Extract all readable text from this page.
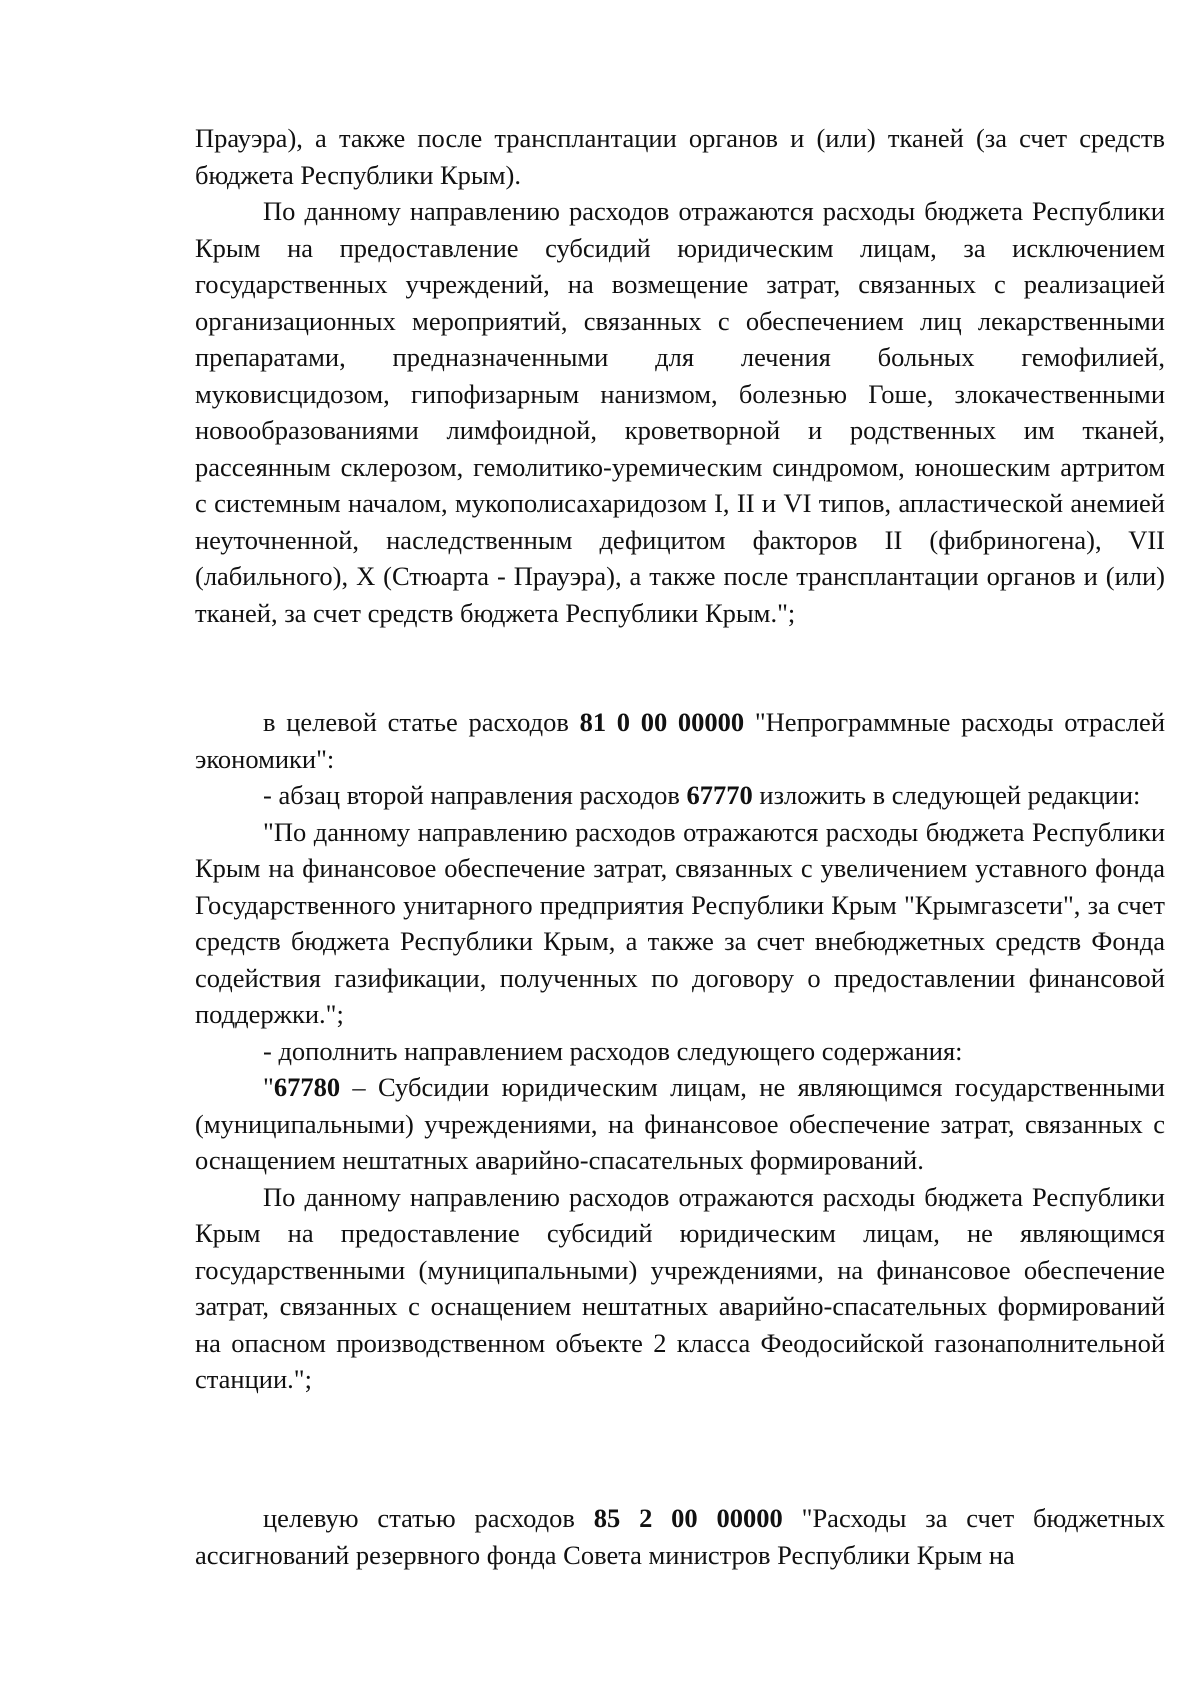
Прауэра), а также после трансплантации органов и (или) тканей (за счет средств бюджета Республики Крым).

По данному направлению расходов отражаются расходы бюджета Республики Крым на предоставление субсидий юридическим лицам, за исключением государственных учреждений, на возмещение затрат, связанных с реализацией организационных мероприятий, связанных с обеспечением лиц лекарственными препаратами, предназначенными для лечения больных гемофилией, муковисцидозом, гипофизарным нанизмом, болезнью Гоше, злокачественными новообразованиями лимфоидной, кроветворной и родственных им тканей, рассеянным склерозом, гемолитико-уремическим синдромом, юношеским артритом с системным началом, мукополисахаридозом I, II и VI типов, апластической анемией неуточненной, наследственным дефицитом факторов II (фибриногена), VII (лабильного), X (Стюарта - Прауэра), а также после трансплантации органов и (или) тканей, за счет средств бюджета Республики Крым.";

в целевой статье расходов 81 0 00 00000 "Непрограммные расходы отраслей экономики":

- абзац второй направления расходов 67770 изложить в следующей редакции:

"По данному направлению расходов отражаются расходы бюджета Республики Крым на финансовое обеспечение затрат, связанных с увеличением уставного фонда Государственного унитарного предприятия Республики Крым "Крымгазсети", за счет средств бюджета Республики Крым, а также за счет внебюджетных средств Фонда содействия газификации, полученных по договору о предоставлении финансовой поддержки.";

- дополнить направлением расходов следующего содержания:

"67780 – Субсидии юридическим лицам, не являющимся государственными (муниципальными) учреждениями, на финансовое обеспечение затрат, связанных с оснащением нештатных аварийно-спасательных формирований.

По данному направлению расходов отражаются расходы бюджета Республики Крым на предоставление субсидий юридическим лицам, не являющимся государственными (муниципальными) учреждениями, на финансовое обеспечение затрат, связанных с оснащением нештатных аварийно-спасательных формирований на опасном производственном объекте 2 класса Феодосийской газонаполнительной станции.";

целевую статью расходов 85 2 00 00000 "Расходы за счет бюджетных ассигнований резервного фонда Совета министров Республики Крым на
